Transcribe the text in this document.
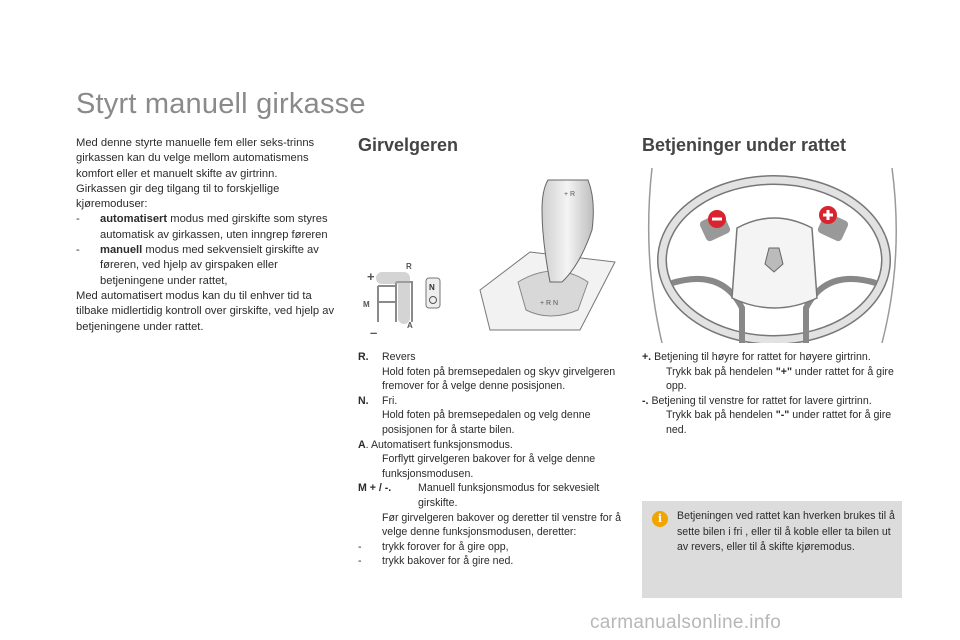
Styrt manuell girkasse

Med denne styrte manuelle fem eller seks-trinns girkassen kan du velge mellom automatismens komfort eller et manuelt skifte av girtrinn.

Girkassen gir deg tilgang til to forskjellige kjøremoduser:

- automatisert modus med girskifte som styres automatisk av girkassen, uten inngrep føreren

- manuell modus med sekvensielt girskifte av føreren, ved hjelp av girspaken eller betjeningene under rattet,

Med automatisert modus kan du til enhver tid ta tilbake midlertidig kontroll over girskifte, ved hjelp av betjeningene under rattet.

Girvelgeren
+
R
M
A
–
N
+ R
+ R N
R. Revers
Hold foten på bremsepedalen og skyv girvelgeren fremover for å velge denne posisjonen.
N. Fri.
Hold foten på bremsepedalen og velg denne posisjonen for å starte bilen.
A. Automatisert funksjonsmodus.
Forflytt girvelgeren bakover for å velge denne funksjonsmodusen.
M + / -.	Manuell funksjonsmodus for sekvesielt girskifte.
Før girvelgeren bakover og deretter til venstre for å velge denne funksjonsmodusen, deretter:
- trykk forover for å gire opp,
- trykk bakover for å gire ned.
Betjeninger under rattet
+. Betjening til høyre for rattet for høyere girtrinn.
Trykk bak på hendelen "+" under rattet for å gire opp.
-. Betjening til venstre for rattet for lavere girtrinn.
Trykk bak på hendelen "-" under rattet for å gire ned.
i	Betjeningen ved rattet kan hverken brukes til å sette bilen i fri , eller til å koble eller ta bilen ut av revers, eller til å skifte kjøremodus.
carmanualsonline.info
